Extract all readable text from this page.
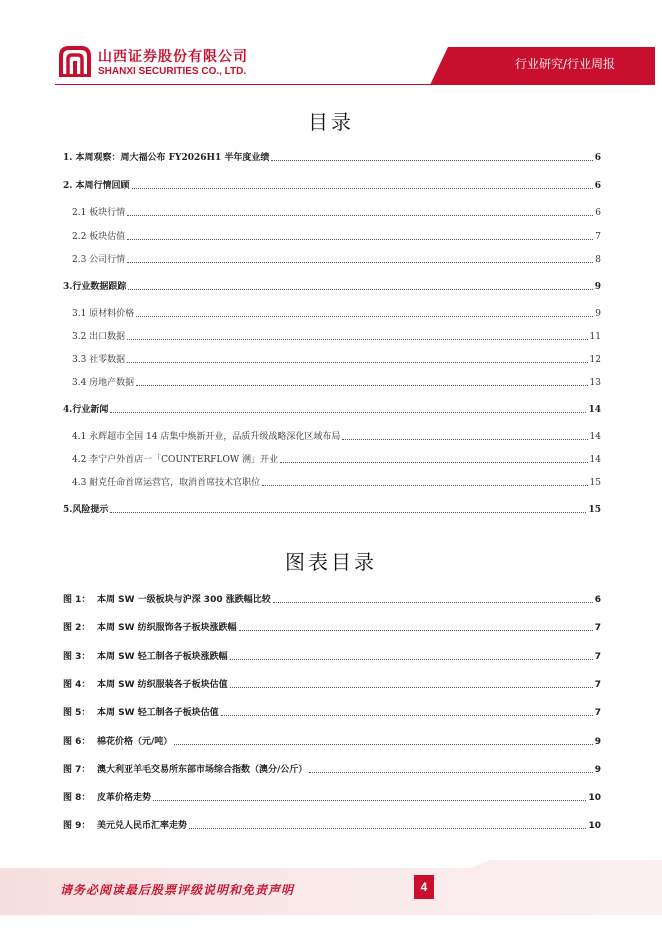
山西证券股份有限公司
SHANXI SECURITIES CO., LTD.
行业研究/行业周报
目录
1. 本周观察：周大福公布 FY2026H1 半年度业绩	6
2. 本周行情回顾	6
2.1 板块行情	6
2.2 板块估值	7
2.3 公司行情	8
3.行业数据跟踪	9
3.1 原材料价格	9
3.2 出口数据	11
3.3 社零数据	12
3.4 房地产数据	13
4.行业新闻	14
4.1 永辉超市全国 14 店集中焕新开业，品质升级战略深化区域布局	14
4.2 李宁户外首店一「COUNTERFLOW 溯」开业	14
4.3 耐克任命首席运营官，取消首席技术官职位	15
5.风险提示	15
图表目录
图 1： 本周 SW 一级板块与沪深 300 涨跌幅比较	6
图 2： 本周 SW 纺织服饰各子板块涨跌幅	7
图 3： 本周 SW 轻工制各子板块涨跌幅	7
图 4： 本周 SW 纺织服装各子板块估值	7
图 5： 本周 SW 轻工制各子板块估值	7
图 6： 棉花价格（元/吨）	9
图 7： 澳大利亚羊毛交易所东部市场综合指数（澳分/公斤）	9
图 8： 皮革价格走势	10
图 9： 美元兑人民币汇率走势	10
请务必阅读最后股票评级说明和免责声明	4
